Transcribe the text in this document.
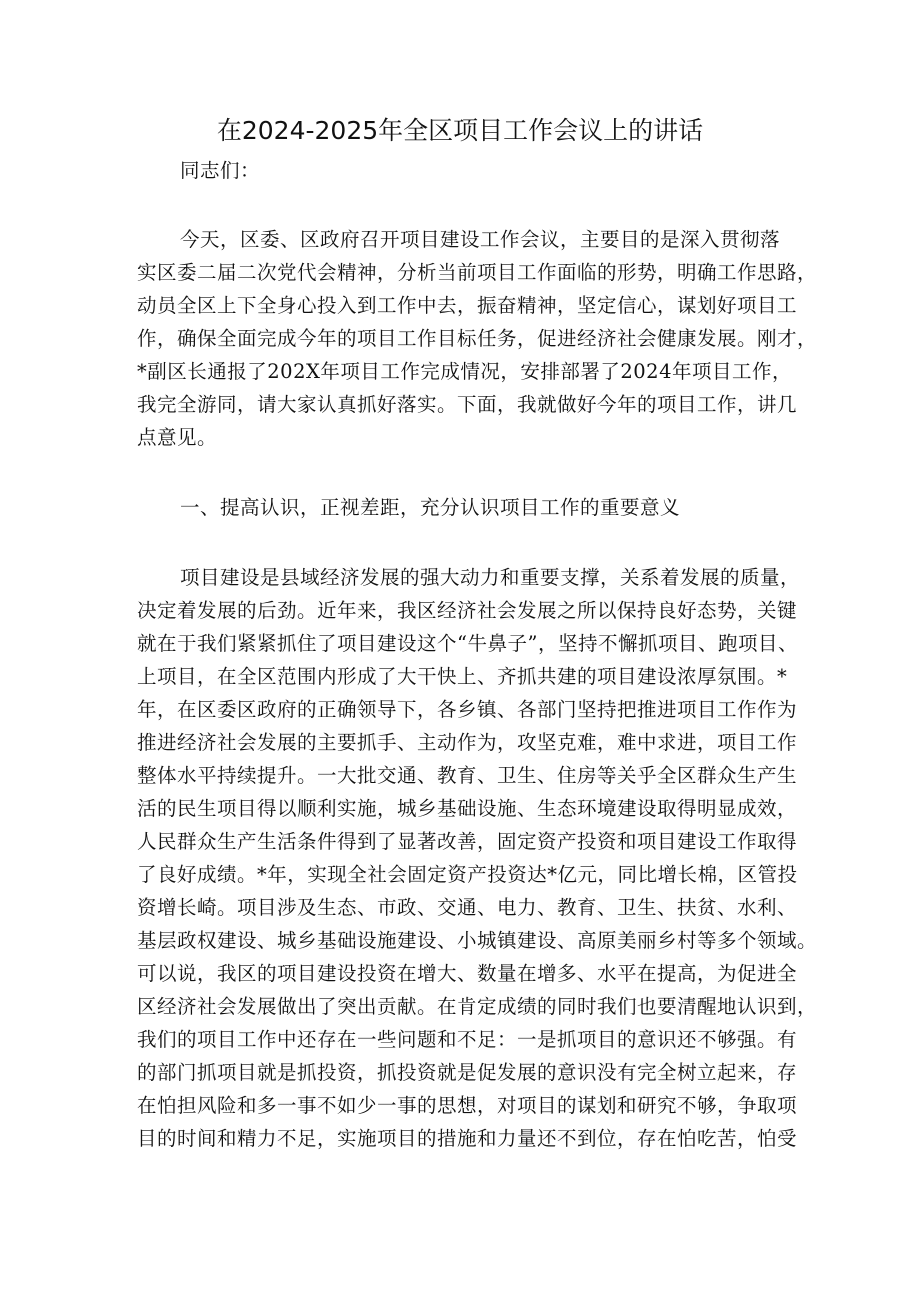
在2024-2025年全区项目工作会议上的讲话
同志们：
今天，区委、区政府召开项目建设工作会议，主要目的是深入贯彻落
实区委二届二次党代会精神，分析当前项目工作面临的形势，明确工作思路，
动员全区上下全身心投入到工作中去，振奋精神，坚定信心，谋划好项目工
作，确保全面完成今年的项目工作目标任务，促进经济社会健康发展。刚才，
*副区长通报了202X年项目工作完成情况，安排部署了2024年项目工作，
我完全游同，请大家认真抓好落实。下面，我就做好今年的项目工作，讲几
点意见。
一、提高认识，正视差距，充分认识项目工作的重要意义
项目建设是县域经济发展的强大动力和重要支撑，关系着发展的质量，
决定着发展的后劲。近年来，我区经济社会发展之所以保持良好态势，关键
就在于我们紧紧抓住了项目建设这个“牛鼻子”，坚持不懈抓项目、跑项目、
上项目，在全区范围内形成了大干快上、齐抓共建的项目建设浓厚氛围。*
年，在区委区政府的正确领导下，各乡镇、各部门坚持把推进项目工作作为
推进经济社会发展的主要抓手、主动作为，攻坚克难，难中求进，项目工作
整体水平持续提升。一大批交通、教育、卫生、住房等关乎全区群众生产生
活的民生项目得以顺利实施，城乡基础设施、生态环境建设取得明显成效，
人民群众生产生活条件得到了显著改善，固定资产投资和项目建设工作取得
了良好成绩。*年，实现全社会固定资产投资达*亿元，同比增长棉，区管投
资增长崎。项目涉及生态、市政、交通、电力、教育、卫生、扶贫、水利、
基层政权建设、城乡基础设施建设、小城镇建设、高原美丽乡村等多个领域。
可以说，我区的项目建设投资在增大、数量在增多、水平在提高，为促进全
区经济社会发展做出了突出贡献。在肯定成绩的同时我们也要清醒地认识到，
我们的项目工作中还存在一些问题和不足：一是抓项目的意识还不够强。有
的部门抓项目就是抓投资，抓投资就是促发展的意识没有完全树立起来，存
在怕担风险和多一事不如少一事的思想，对项目的谋划和研究不够，争取项
目的时间和精力不足，实施项目的措施和力量还不到位，存在怕吃苦，怕受
